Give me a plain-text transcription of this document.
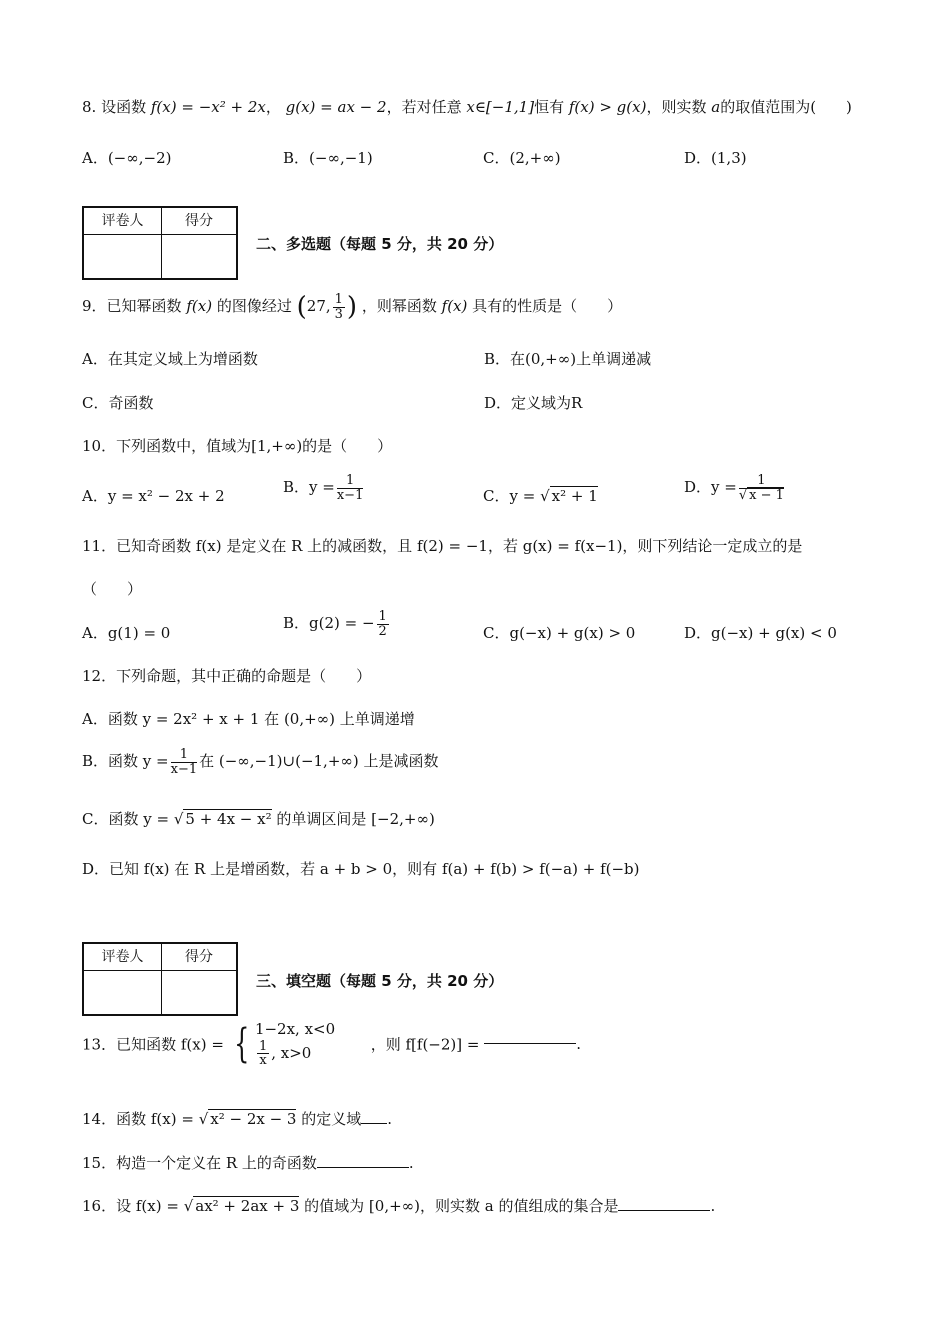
8. 设函数 f(x) = −x² + 2x， g(x) = ax − 2，若对任意 x∈[−1,1]恒有 f(x) > g(x)，则实数 a的取值范围为(　　)
A．(−∞,−2)	B．(−∞,−1)	C．(2,+∞)	D．(1,3)
评卷人	得分
二、多选题（每题 5 分，共 20 分）
9．已知幂函数 f(x) 的图像经过 (27, $\frac{1}{3}$ ) ，则幂函数 f(x) 具有的性质是（　　）
A．在其定义域上为增函数	B．在(0,+∞)上单调递减
C．奇函数	D．定义域为R
10．下列函数中，值域为[1,+∞)的是（　　）
A．y = x² − 2x + 2	B．$y = \frac{1}{x-1}$	C．y = √ x² + 1	D．$y = \frac{1}{√ x - 1}$
11．已知奇函数 f(x) 是定义在 R 上的减函数，且 f(2) = −1，若 g(x) = f(x−1)，则下列结论一定成立的是
（　　）
A．g(1) = 0
B．g(2) = − $\frac{1}{2}$	C．g(−x) + g(x) > 0	D．g(−x) + g(x) < 0
12．下列命题，其中正确的命题是（　　）
A．函数 y = 2x² + x + 1 在 (0,+∞) 上单调递增
B．函数 $y = \frac{1}{x-1}$ 在 (−∞,−1)∪(−1,+∞) 上是减函数
C．函数 y = √ 5 + 4x − x² 的单调区间是 [−2,+∞)
D．已知 f(x) 在 R 上是增函数，若 a + b > 0，则有 f(a) + f(b) > f(−a) + f(−b)
评卷人	得分
三、填空题（每题 5 分，共 20 分）
13．已知函数 f(x) = { 1−2x, x<0
$\frac{1}{x}$ , x>0	，则 f[f(−2)] =	.
14．函数 f(x) = √ x² − 2x − 3 的定义域 .
15．构造一个定义在 R 上的奇函数	.
16．设 f(x) = √ ax² + 2ax + 3 的值域为 [0,+∞)，则实数 a 的值组成的集合是	.
